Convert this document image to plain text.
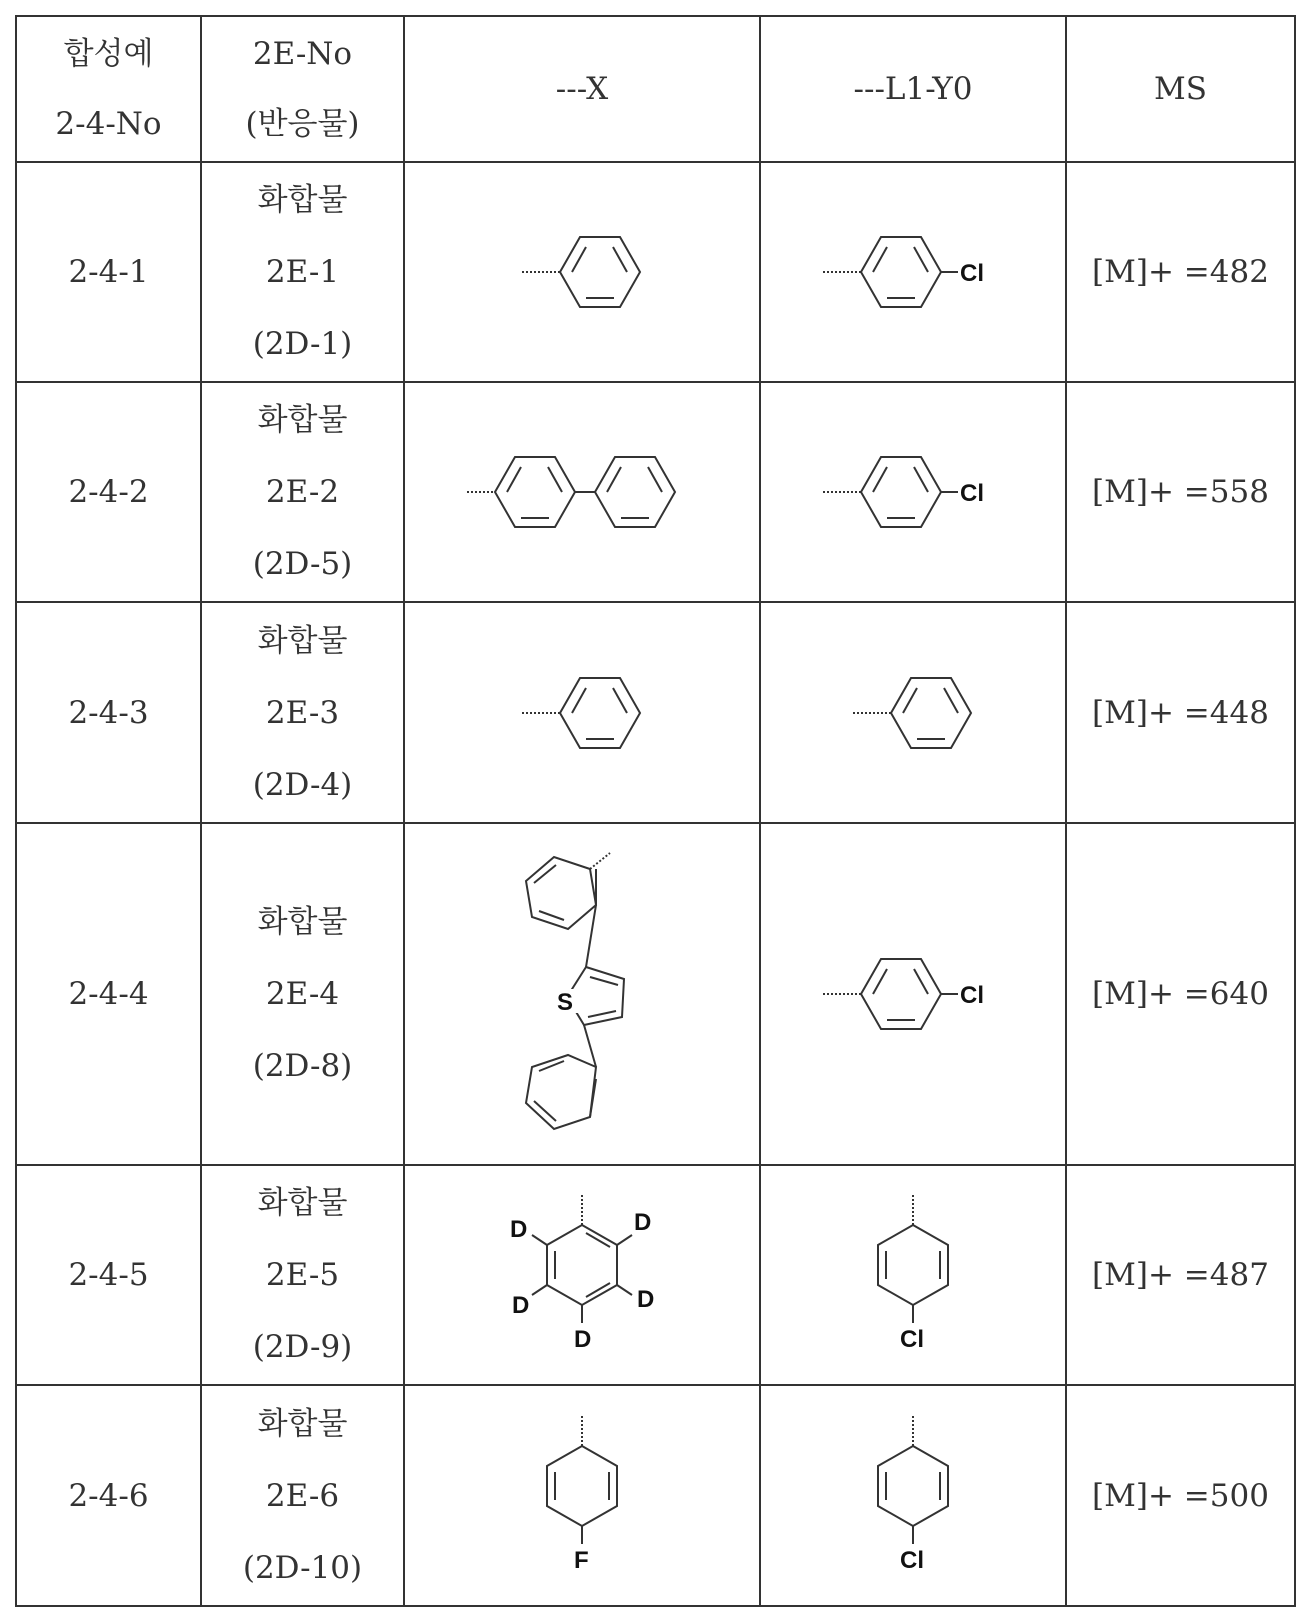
합성예
2-4-No

2E-No
(반응물)
	---X	---L1-Y0	MS
2-4-1	
화합물
2E-1
(2D-1)

Cl	[M]+ =482
2-4-2	
화합물
2E-2
(2D-5)

Cl	[M]+ =558
2-4-3	
화합물
2E-3
(2D-4)

	[M]+ =448
2-4-4	
화합물
2E-4
(2D-8)

S	Cl	[M]+ =640
2-4-5	
화합물
2E-5
(2D-9)

D	D
D	D
D	Cl
	[M]+ =487
2-4-6	
화합물
2E-6
(2D-10)	F	Cl
	[M]+ =500
